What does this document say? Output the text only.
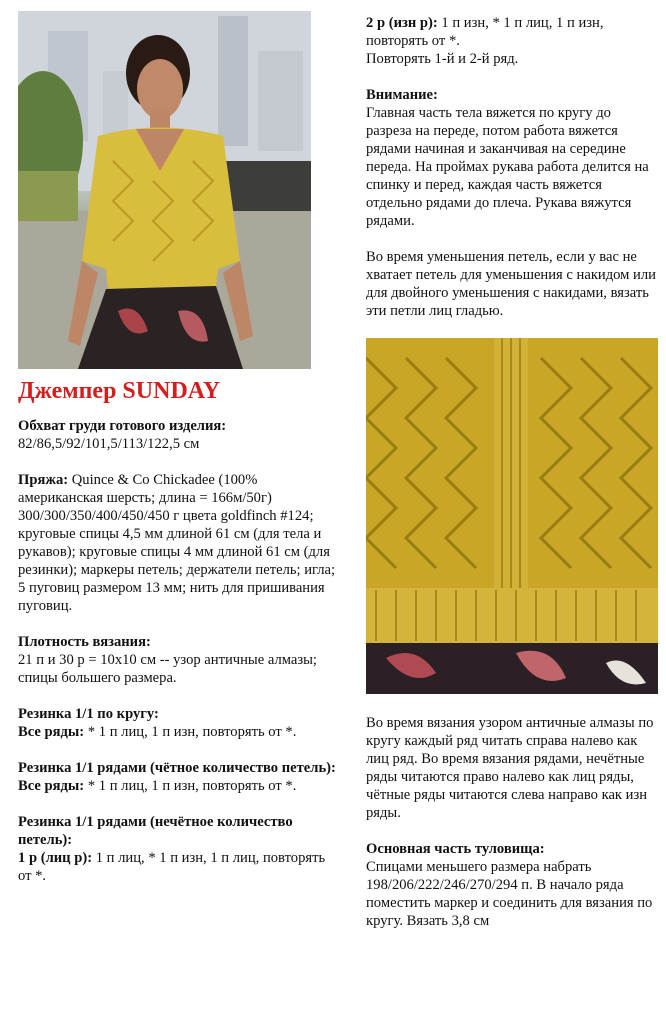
Джемпер SUNDAY
Обхват груди готового изделия:
82/86,5/92/101,5/113/122,5 см
Пряжа: Quince & Co Chickadee (100% американская шерсть; длина = 166м/50г) 300/300/350/400/450/450 г цвета goldfinch #124; круговые спицы 4,5 мм длиной 61 см (для тела и рукавов); круговые спицы 4 мм длиной 61 см (для резинки); маркеры петель; держатели петель; игла; 5 пуговиц размером 13 мм; нить для пришивания пуговиц.
Плотность вязания:
21 п и 30 р = 10х10 см -- узор античные алмазы; спицы большего размера.
Резинка 1/1 по кругу:
Все ряды: * 1 п лиц, 1 п изн, повторять от *.
Резинка 1/1 рядами (чётное количество петель):
Все ряды: * 1 п лиц, 1 п изн, повторять от *.
Резинка 1/1 рядами (нечётное количество петель):
1 р (лиц р): 1 п лиц, * 1 п изн, 1 п лиц, повторять от *.
2 р (изн р): 1 п изн, * 1 п лиц, 1 п изн, повторять от *.
Повторять 1-й и 2-й ряд.
Внимание:
Главная часть тела вяжется по кругу до разреза на переде, потом работа вяжется рядами начиная и заканчивая на середине переда. На проймах рукава работа делится на спинку и перед, каждая часть вяжется отдельно рядами до плеча. Рукава вяжутся рядами.
Во время уменьшения петель, если у вас не хватает петель для уменьшения с накидом или для двойного уменьшения с накидами, вязать эти петли лиц гладью.
Во время вязания узором античные алмазы по кругу каждый ряд читать справа налево как лиц ряд. Во время вязания рядами, нечётные ряды читаются право налево как лиц ряды, чётные ряды читаются слева направо как изн ряды.
Основная часть туловища:
Спицами меньшего размера набрать 198/206/222/246/270/294 п. В начало ряда поместить маркер и соединить для вязания по кругу. Вязать 3,8 см
